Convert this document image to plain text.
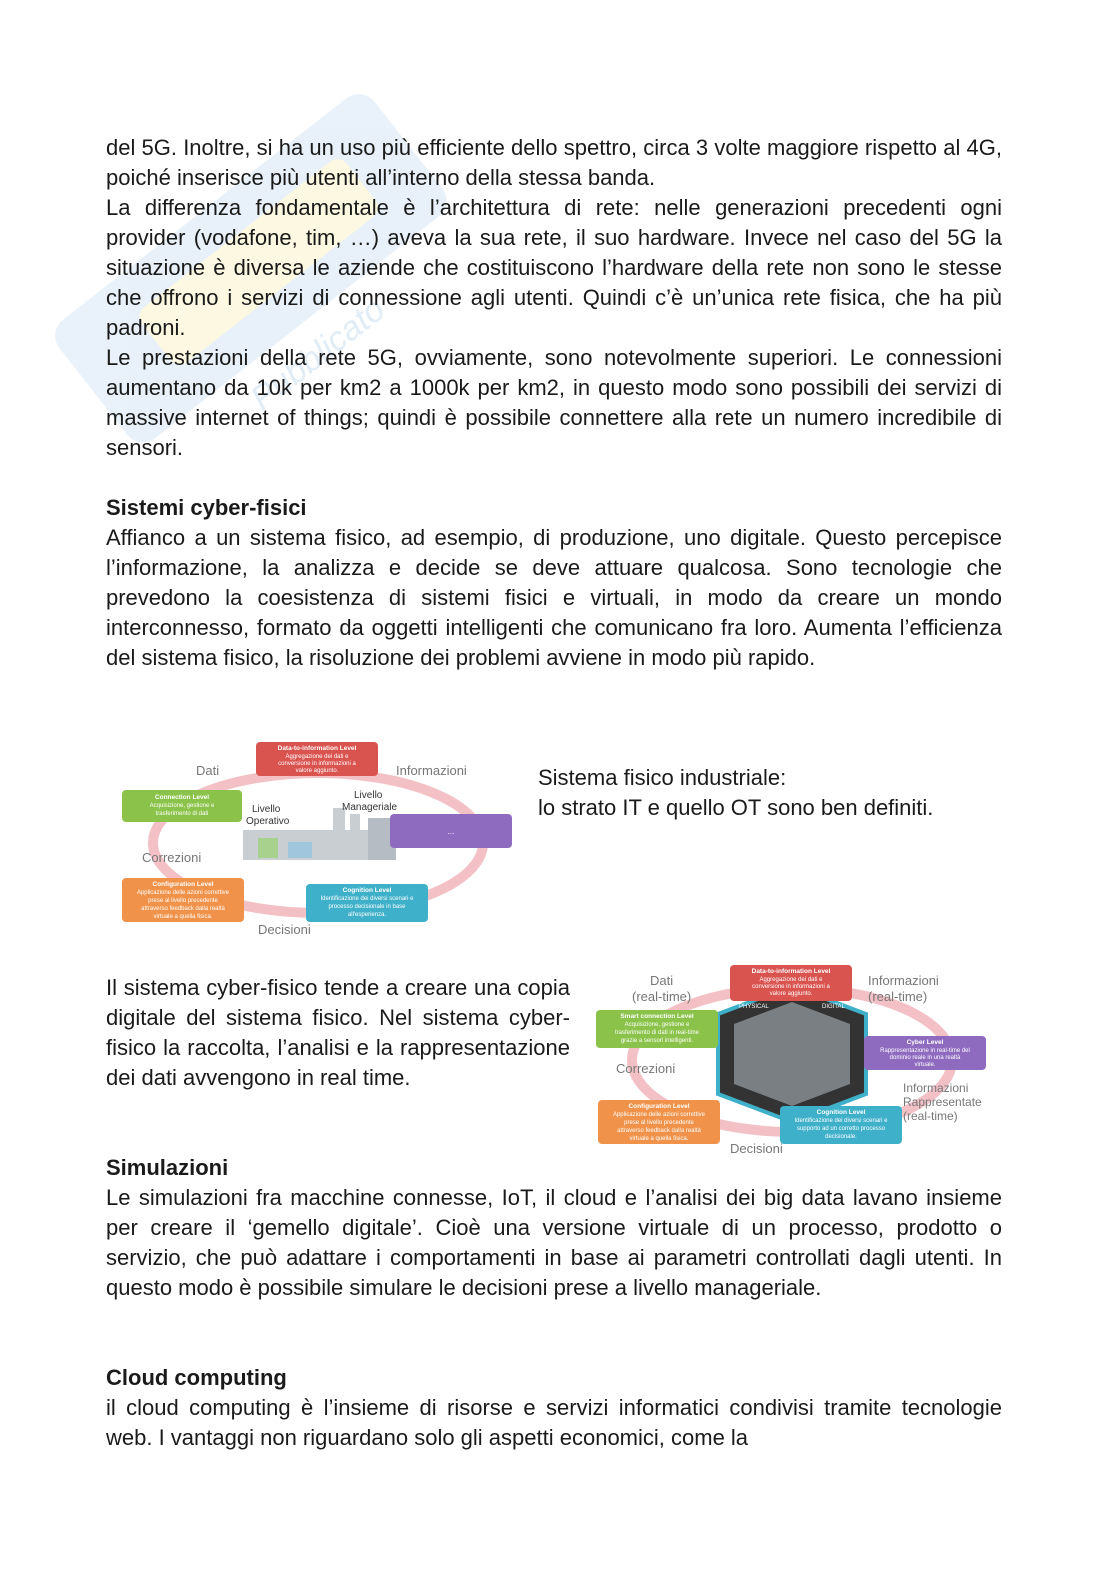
Pubblicato

del 5G. Inoltre, si ha un uso più efficiente dello spettro, circa 3 volte maggiore rispetto al 4G, poiché inserisce più utenti all’interno della stessa banda.

La differenza fondamentale è l’architettura di rete: nelle generazioni precedenti ogni provider (vodafone, tim, …) aveva la sua rete, il suo hardware. Invece nel caso del 5G la situazione è diversa le aziende che costituiscono l’hardware della rete non sono le stesse che offrono i servizi di connessione agli utenti. Quindi c’è un’unica rete fisica, che ha più padroni.

Le prestazioni della rete 5G, ovviamente, sono notevolmente superiori. Le connessioni aumentano da 10k per km2 a 1000k per km2, in questo modo sono possibili dei servizi di massive internet of things; quindi è possibile connettere alla rete un numero incredibile di sensori.

Sistemi cyber-fisici

Affianco a un sistema fisico, ad esempio, di produzione, uno digitale. Questo percepisce l’informazione, la analizza e decide se deve attuare qualcosa. Sono tecnologie che prevedono la coesistenza di sistemi fisici e virtuali, in modo da creare un mondo interconnesso, formato da oggetti intelligenti che comunicano fra loro. Aumenta l’efficienza del sistema fisico, la risoluzione dei problemi avviene in modo più rapido.

Data-to-information Level
Aggregazione dei dati e
conversione in informazioni a
valore aggiunto.
Connection Level
Acquisizione, gestione e
trasferimento di dati
...
Configuration Level
Applicazione delle azioni correttive
prese al livello precedente
attraverso feedback dalla realtà
virtuale a quella fisica.
Cognition Level
Identificazione dei diversi scenari e
processo decisionale in base
all'esperienza.
Dati	Informazioni
Correzioni
Decisioni
Livello
Operativo
Livello
Manageriale

Sistema fisico industriale:
lo strato IT e quello OT sono ben definiti.

Il sistema cyber-fisico tende a creare una copia digitale del sistema fisico. Nel sistema cyber-fisico la raccolta, l’analisi e la rappresentazione dei dati avvengono in real time.

PHYSICAL	DIGITAL
Data-to-information Level
Aggregazione dei dati e
conversione in informazioni a
valore aggiunto.
Smart connection Level
Acquisizione, gestione e
trasferimento di dati in real-time
grazie a sensori intelligenti.	Cyber Level
Rappresentazione in real-time del
dominio reale in una realtà
virtuale.
Configuration Level
Applicazione delle azioni correttive
prese al livello precedente
attraverso feedback dalla realtà
virtuale a quella fisica.
Cognition Level
Identificazione dei diversi scenari e
supporto ad un corretto processo
decisionale.
Dati
(real-time)
Informazioni
(real-time)
Correzioni
Decisioni
Informazioni
Rappresentate
(real-time)
Simulazioni

Le simulazioni fra macchine connesse, IoT, il cloud e l’analisi dei big data lavano insieme per creare il ‘gemello digitale’. Cioè una versione virtuale di un processo, prodotto o servizio, che può adattare i comportamenti in base ai parametri controllati dagli utenti. In questo modo è possibile simulare le decisioni prese a livello manageriale.

Cloud computing

il cloud computing è l’insieme di risorse e servizi informatici condivisi tramite tecnologie web. I vantaggi non riguardano solo gli aspetti economici, come la
